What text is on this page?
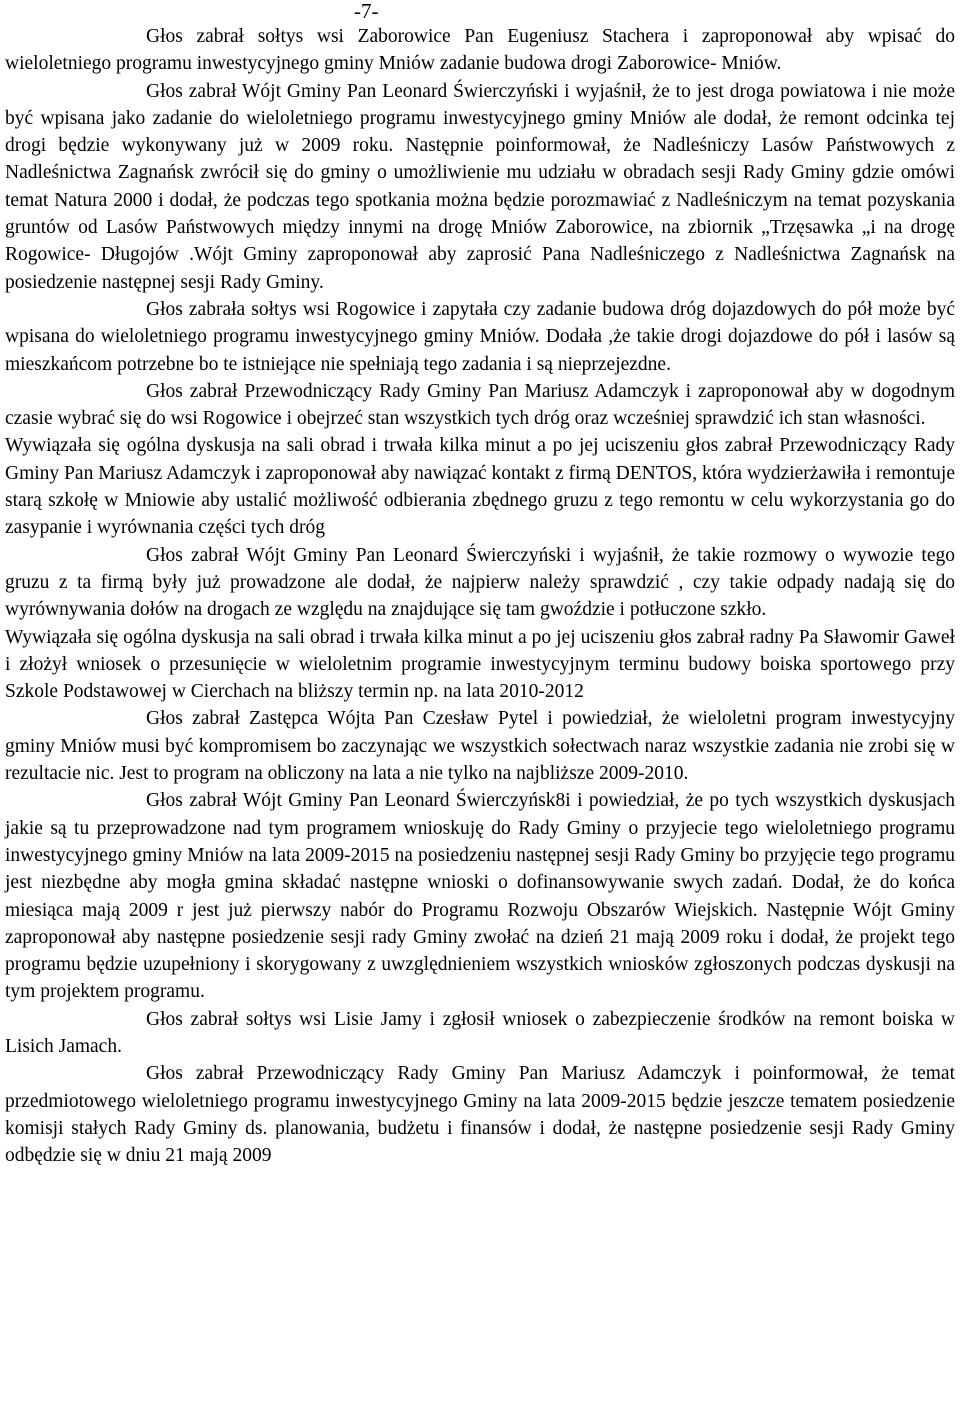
-7-

Głos zabrał sołtys wsi Zaborowice Pan Eugeniusz Stachera i zaproponował aby wpisać do wieloletniego programu inwestycyjnego gminy Mniów zadanie budowa drogi Zaborowice- Mniów.

Głos zabrał Wójt Gminy Pan Leonard Świerczyński i wyjaśnił, że to jest droga powiatowa i nie może być wpisana jako zadanie do wieloletniego programu inwestycyjnego gminy Mniów ale dodał, że remont odcinka tej drogi będzie wykonywany już w 2009 roku. Następnie poinformował, że Nadleśniczy Lasów Państwowych z Nadleśnictwa Zagnańsk zwrócił się do gminy o umożliwienie mu udziału w obradach sesji Rady Gminy gdzie omówi temat Natura 2000 i dodał, że podczas tego spotkania można będzie porozmawiać z Nadleśniczym na temat pozyskania gruntów od Lasów Państwowych między innymi na drogę Mniów Zaborowice, na zbiornik „Trzęsawka „i na drogę Rogowice- Długojów .Wójt Gminy zaproponował aby zaprosić Pana Nadleśniczego z Nadleśnictwa Zagnańsk na posiedzenie następnej sesji Rady Gminy.

Głos zabrała sołtys wsi Rogowice i zapytała czy zadanie budowa dróg dojazdowych do pół może być wpisana do wieloletniego programu inwestycyjnego gminy Mniów. Dodała ,że takie drogi dojazdowe do pół i lasów są mieszkańcom potrzebne bo te istniejące nie spełniają tego zadania i są nieprzejezdne.

Głos zabrał Przewodniczący Rady Gminy Pan Mariusz Adamczyk i zaproponował aby w dogodnym czasie wybrać się do wsi Rogowice i obejrzeć stan wszystkich tych dróg oraz wcześniej sprawdzić ich stan własności.

Wywiązała się ogólna dyskusja na sali obrad i trwała kilka minut a po jej uciszeniu głos zabrał Przewodniczący Rady Gminy Pan Mariusz Adamczyk i zaproponował aby nawiązać kontakt z firmą DENTOS, która wydzierżawiła i remontuje starą szkołę w Mniowie aby ustalić możliwość odbierania zbędnego gruzu z tego remontu w celu wykorzystania go do zasypanie i wyrównania części tych dróg

Głos zabrał Wójt Gminy Pan Leonard Świerczyński i wyjaśnił, że takie rozmowy o wywozie tego gruzu z ta firmą były już prowadzone ale dodał, że najpierw należy sprawdzić , czy takie odpady nadają się do wyrównywania dołów na drogach ze względu na znajdujące się tam gwoździe i potłuczone szkło.

Wywiązała się ogólna dyskusja na sali obrad i trwała kilka minut a po jej uciszeniu głos zabrał radny Pa Sławomir Gaweł i złożył wniosek o przesunięcie w wieloletnim programie inwestycyjnym terminu budowy boiska sportowego przy Szkole Podstawowej w Cierchach na bliższy termin np. na lata 2010-2012

Głos zabrał Zastępca Wójta Pan Czesław Pytel i powiedział, że wieloletni program inwestycyjny gminy Mniów musi być kompromisem bo zaczynając we wszystkich sołectwach naraz wszystkie zadania nie zrobi się w rezultacie nic. Jest to program na obliczony na lata a nie tylko na najbliższe 2009-2010.

Głos zabrał Wójt Gminy Pan Leonard Świerczyńsk8i i powiedział, że po tych wszystkich dyskusjach jakie są tu przeprowadzone nad tym programem wnioskuję do Rady Gminy o przyjecie tego wieloletniego programu inwestycyjnego gminy Mniów na lata 2009-2015 na posiedzeniu następnej sesji Rady Gminy bo przyjęcie tego programu jest niezbędne aby mogła gmina składać następne wnioski o dofinansowywanie swych zadań. Dodał, że do końca miesiąca mają 2009 r jest już pierwszy nabór do Programu Rozwoju Obszarów Wiejskich. Następnie Wójt Gminy zaproponował aby następne posiedzenie sesji rady Gminy zwołać na dzień 21 mają 2009 roku i dodał, że projekt tego programu będzie uzupełniony i skorygowany z uwzględnieniem wszystkich wniosków zgłoszonych podczas dyskusji na tym projektem programu.

Głos zabrał sołtys wsi Lisie Jamy i zgłosił wniosek o zabezpieczenie środków na remont boiska w Lisich Jamach.

Głos zabrał Przewodniczący Rady Gminy Pan Mariusz Adamczyk i poinformował, że temat przedmiotowego wieloletniego programu inwestycyjnego Gminy na lata 2009-2015 będzie jeszcze tematem posiedzenie komisji stałych Rady Gminy ds. planowania, budżetu i finansów i dodał, że następne posiedzenie sesji Rady Gminy odbędzie się w dniu 21 mają 2009
